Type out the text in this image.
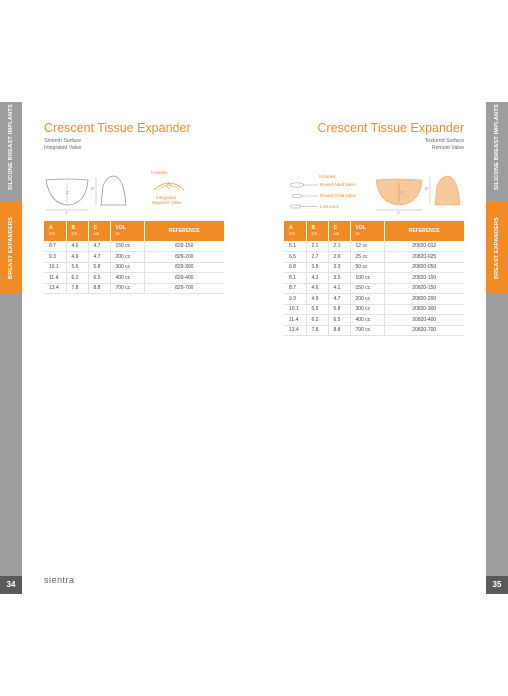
SILICONE BREAST IMPLANTS
BREAST EXPANDERS
34
SILICONE BREAST IMPLANTS
BREAST EXPANDERS
35
Crescent Tissue Expander
Smooth Surface
Integrated Valve
C
A
B
Includes:
Integrated
Magnetic Valve
A
cm	B
cm	C
cm	VOL
cc	REFERENCE
8.7	4.6	4.7	150 cc	829-150
9.3	4.9	4.7	200 cc	829-200
10.1	5.6	5.8	300 cc	829-300
11.4	6.2	6.5	400 cc	829-400
13.4	7.8	8.8	700 cc	829-700
Crescent Tissue Expander
Textured Surface
Remote Valve
Includes:
Round Adult Valve
Round Child Valve
Lost Lock
C
A
B
A
cm	B
cm	C
cm	VOL
cc	REFERENCE
5.1	2.1	2.1	12 cc	20820-012
6.5	2.7	2.6	25 cc	20820-025
6.8	3.5	3.3	50 cc	20820-050
8.1	4.3	3.5	100 cc	20820-100
8.7	4.6	4.1	150 cc	20820-150
9.3	4.9	4.7	200 cc	20820-200
10.1	5.6	5.8	300 cc	20820-300
11.4	6.2	6.5	400 cc	20820-400
13.4	7.8	8.8	700 cc	20820-700
sientra
